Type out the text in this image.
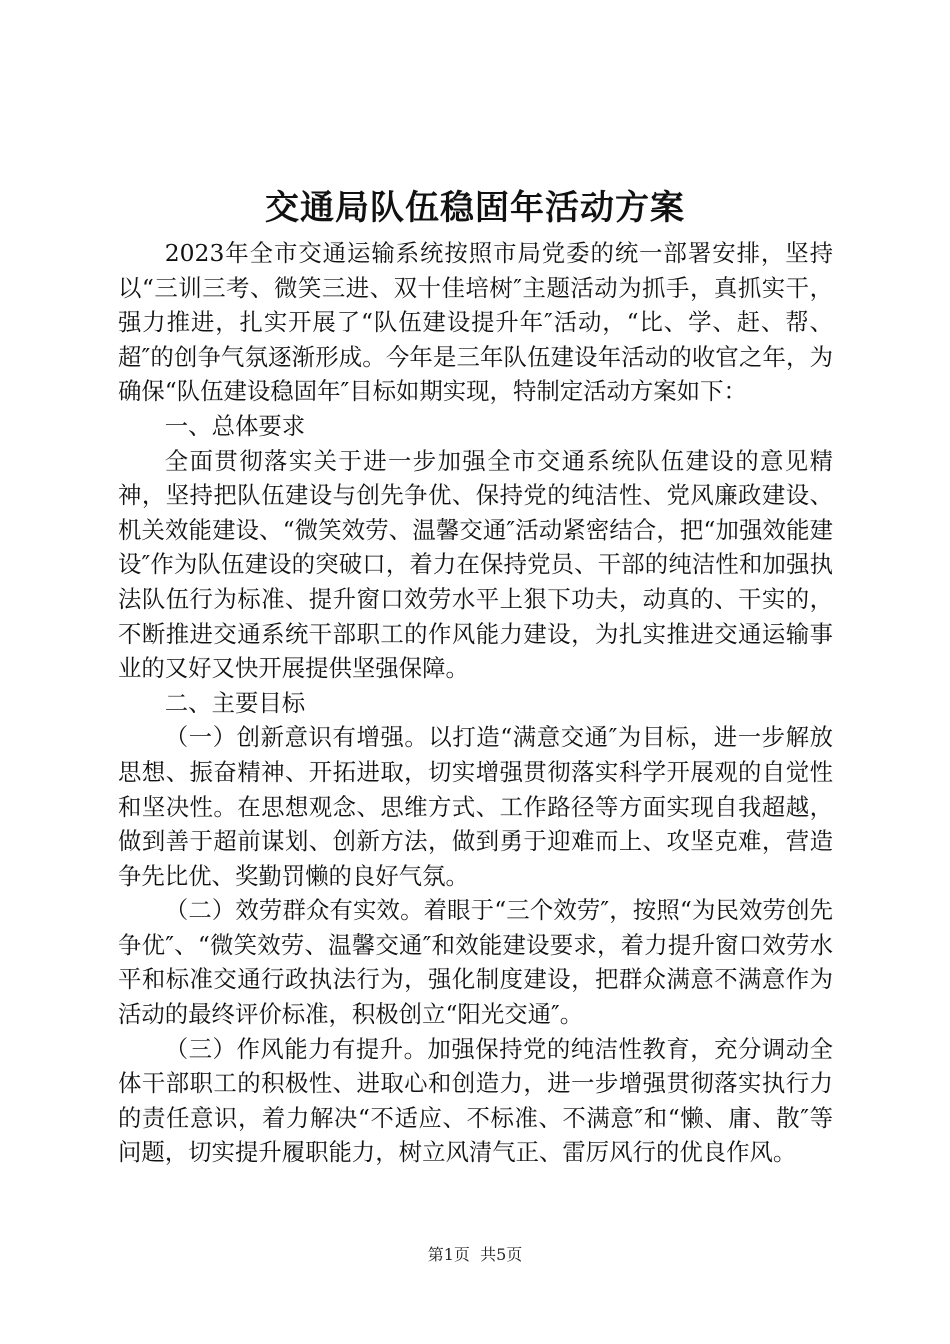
交通局队伍稳固年活动方案

2023年全市交通运输系统按照市局党委的统一部署安排，坚持以“三训三考、微笑三进、双十佳培树″主题活动为抓手，真抓实干，强力推进，扎实开展了“队伍建设提升年″活动，“比、学、赶、帮、超″的创争气氛逐渐形成。今年是三年队伍建设年活动的收官之年，为确保“队伍建设稳固年″目标如期实现，特制定活动方案如下：

一、总体要求

全面贯彻落实关于进一步加强全市交通系统队伍建设的意见精神，坚持把队伍建设与创先争优、保持党的纯洁性、党风廉政建设、机关效能建设、“微笑效劳、温馨交通″活动紧密结合，把“加强效能建设″作为队伍建设的突破口，着力在保持党员、干部的纯洁性和加强执法队伍行为标准、提升窗口效劳水平上狠下功夫，动真的、干实的，不断推进交通系统干部职工的作风能力建设，为扎实推进交通运输事业的又好又快开展提供坚强保障。

二、主要目标

（一）创新意识有增强。以打造“满意交通″为目标，进一步解放思想、振奋精神、开拓进取，切实增强贯彻落实科学开展观的自觉性和坚决性。在思想观念、思维方式、工作路径等方面实现自我超越，做到善于超前谋划、创新方法，做到勇于迎难而上、攻坚克难，营造争先比优、奖勤罚懒的良好气氛。

（二）效劳群众有实效。着眼于“三个效劳″，按照“为民效劳创先争优″、“微笑效劳、温馨交通″和效能建设要求，着力提升窗口效劳水平和标准交通行政执法行为，强化制度建设，把群众满意不满意作为活动的最终评价标准，积极创立“阳光交通″。

（三）作风能力有提升。加强保持党的纯洁性教育，充分调动全体干部职工的积极性、进取心和创造力，进一步增强贯彻落实执行力的责任意识，着力解决“不适应、不标准、不满意″和“懒、庸、散″等问题，切实提升履职能力，树立风清气正、雷厉风行的优良作风。

第1页 共5页
